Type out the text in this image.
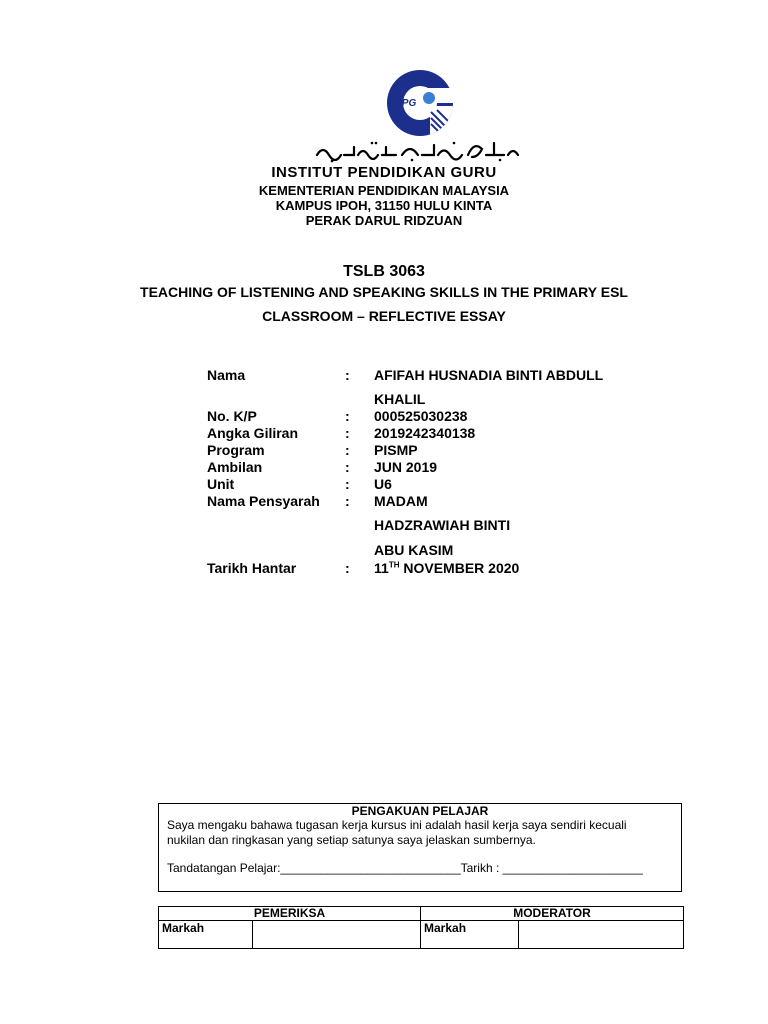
IPG
INSTITUT PENDIDIKAN GURU
KEMENTERIAN PENDIDIKAN MALAYSIA
KAMPUS IPOH, 31150 HULU KINTA
PERAK DARUL RIDZUAN
TSLB 3063
TEACHING OF LISTENING AND SPEAKING SKILLS IN THE PRIMARY ESL
CLASSROOM – REFLECTIVE ESSAY
Nama	: AFIFAH HUSNADIA BINTI ABDULL
KHALIL
No. K/P	: 000525030238
Angka Giliran	: 2019242340138
Program	: PISMP
Ambilan	: JUN 2019
Unit	: U6
Nama Pensyarah : MADAM
HADZRAWIAH BINTI
ABU KASIM
Tarikh Hantar	: 11TH NOVEMBER 2020
PENGAKUAN PELAJAR
Saya mengaku bahawa tugasan kerja kursus ini adalah hasil kerja saya sendiri kecuali
nukilan dan ringkasan yang setiap satunya saya jelaskan sumbernya.
Tandatangan Pelajar:___________________________Tarikh : _____________________
PEMERIKSA		MODERATOR	
Markah		Markah	
